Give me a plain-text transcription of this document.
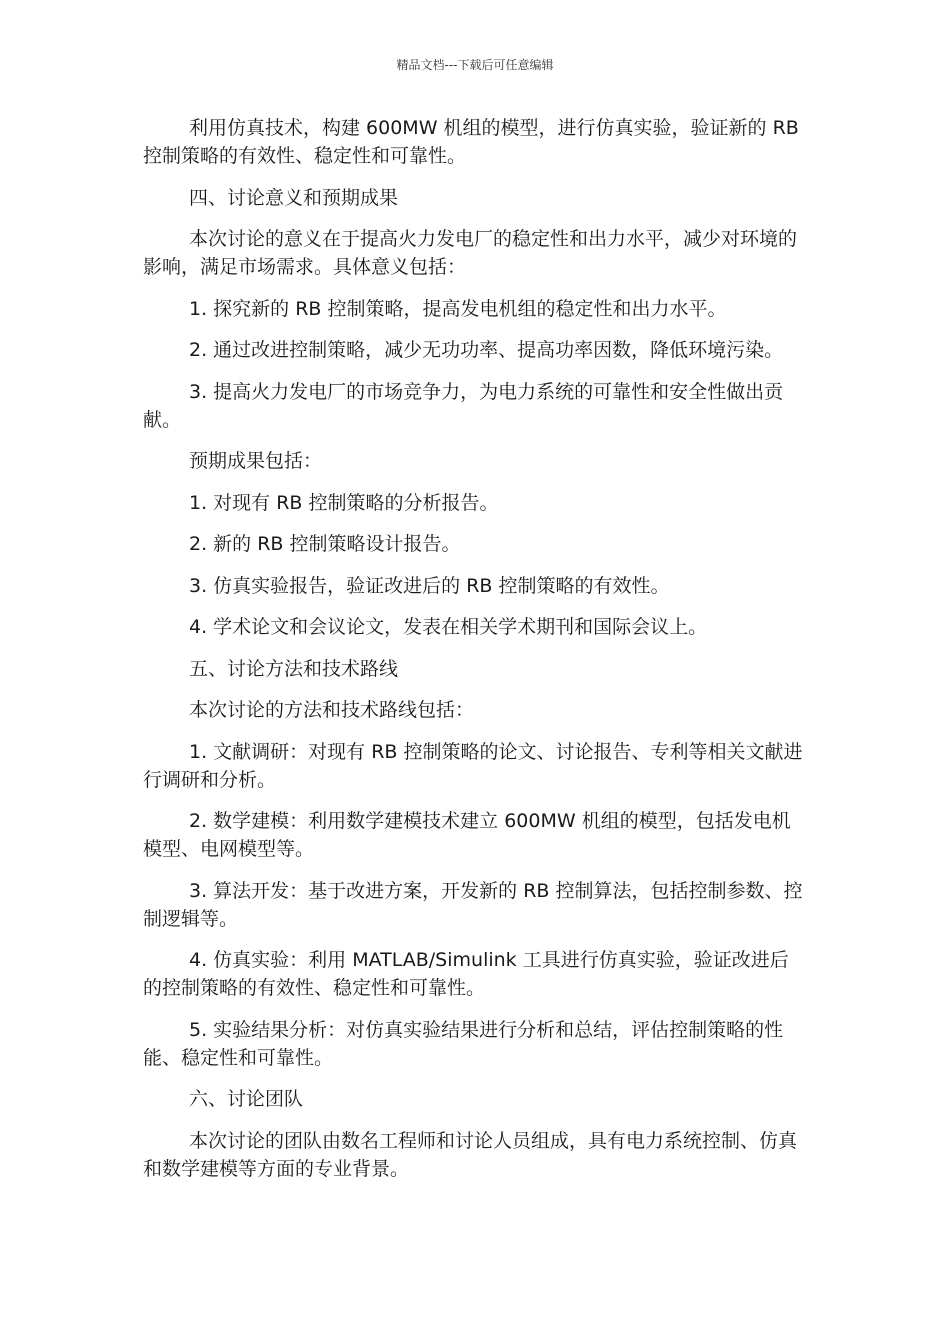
精品文档---下载后可任意编辑

利用仿真技术，构建 600MW 机组的模型，进行仿真实验，验证新的 RB 控制策略的有效性、稳定性和可靠性。

四、讨论意义和预期成果

本次讨论的意义在于提高火力发电厂的稳定性和出力水平，减少对环境的影响，满足市场需求。具体意义包括：

1. 探究新的 RB 控制策略，提高发电机组的稳定性和出力水平。

2. 通过改进控制策略，减少无功功率、提高功率因数，降低环境污染。

3. 提高火力发电厂的市场竞争力，为电力系统的可靠性和安全性做出贡献。

预期成果包括：

1. 对现有 RB 控制策略的分析报告。

2. 新的 RB 控制策略设计报告。

3. 仿真实验报告，验证改进后的 RB 控制策略的有效性。

4. 学术论文和会议论文，发表在相关学术期刊和国际会议上。

五、讨论方法和技术路线

本次讨论的方法和技术路线包括：

1. 文献调研：对现有 RB 控制策略的论文、讨论报告、专利等相关文献进行调研和分析。

2. 数学建模：利用数学建模技术建立 600MW 机组的模型，包括发电机模型、电网模型等。

3. 算法开发：基于改进方案，开发新的 RB 控制算法，包括控制参数、控制逻辑等。

4. 仿真实验：利用 MATLAB/Simulink 工具进行仿真实验，验证改进后的控制策略的有效性、稳定性和可靠性。

5. 实验结果分析：对仿真实验结果进行分析和总结，评估控制策略的性能、稳定性和可靠性。

六、讨论团队

本次讨论的团队由数名工程师和讨论人员组成，具有电力系统控制、仿真和数学建模等方面的专业背景。
